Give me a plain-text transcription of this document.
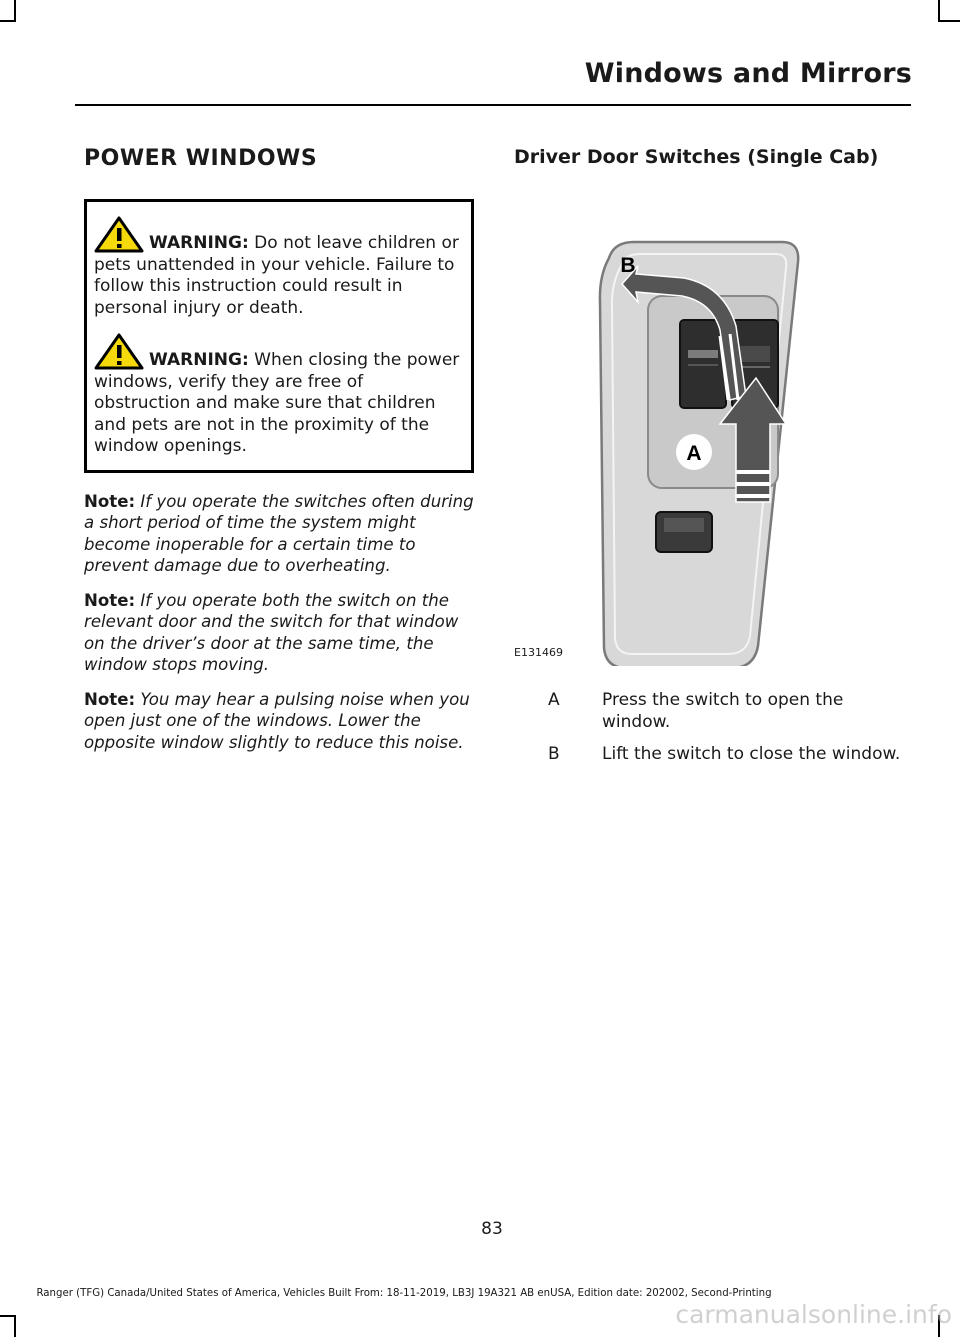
Windows and Mirrors
POWER WINDOWS

WARNING: Do not leave children or pets unattended in your vehicle. Failure to follow this instruction could result in personal injury or death.

WARNING: When closing the power windows, verify they are free of obstruction and make sure that children and pets are not in the proximity of the window openings.

Note: If you operate the switches often during a short period of time the system might become inoperable for a certain time to prevent damage due to overheating.

Note: If you operate both the switch on the relevant door and the switch for that window on the driver’s door at the same time, the window stops moving.

Note: You may hear a pulsing noise when you open just one of the windows. Lower the opposite window slightly to reduce this noise.

Driver Door Switches (Single Cab)
A
B
E131469
A Press the switch to open the window.
B Lift the switch to close the window.
83
Ranger (TFG) Canada/United States of America, Vehicles Built From: 18-11-2019, LB3J 19A321 AB enUSA, Edition date: 202002, Second-Printing
carmanualsonline.info
